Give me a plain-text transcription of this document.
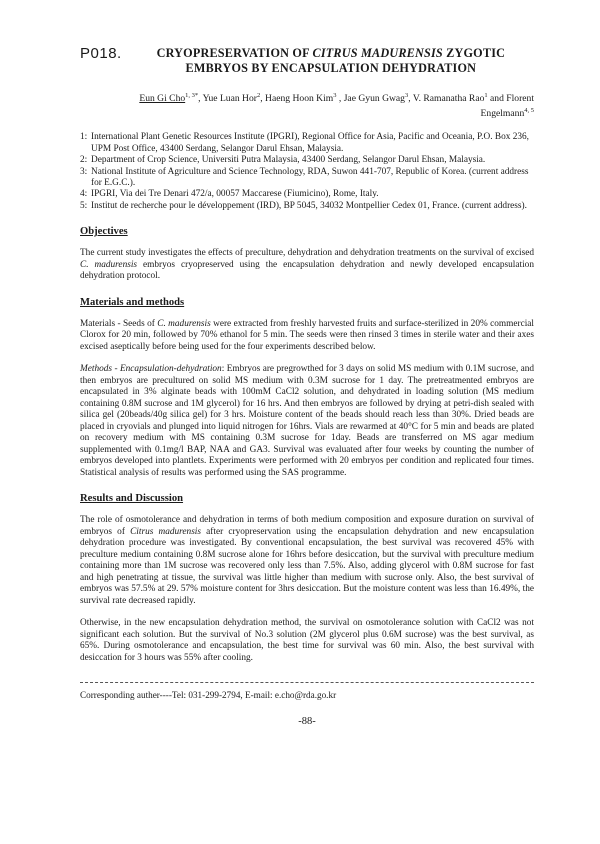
P018.	CRYOPRESERVATION OF CITRUS MADURENSIS ZYGOTIC EMBRYOS BY ENCAPSULATION DEHYDRATION
Eun Gi Cho$^{1, 3*}$, Yue Luan Hor$^2$, Haeng Hoon Kim$^3$ , Jae Gyun Gwag$^3$, V. Ramanatha Rao$^1$ and Florent Engelmann$^{4, 5}$
1: International Plant Genetic Resources Institute (IPGRI), Regional Office for Asia, Pacific and Oceania, P.O. Box 236, UPM Post Office, 43400 Serdang, Selangor Darul Ehsan, Malaysia.
2: Department of Crop Science, Universiti Putra Malaysia, 43400 Serdang, Selangor Darul Ehsan, Malaysia.
3: National Institute of Agriculture and Science Technology, RDA, Suwon 441-707, Republic of Korea. (current address for E.G.C.).
4: IPGRI, Via dei Tre Denari 472/a, 00057 Maccarese (Fiumicino), Rome, Italy.
5: Institut de recherche pour le développement (IRD), BP 5045, 34032 Montpellier Cedex 01, France. (current address).
Objectives

The current study investigates the effects of preculture, dehydration and dehydration treatments on the survival of excised C. madurensis embryos cryopreserved using the encapsulation dehydration and newly developed encapsulation dehydration protocol.

Materials and methods

Materials - Seeds of C. madurensis were extracted from freshly harvested fruits and surface-sterilized in 20% commercial Clorox for 20 min, followed by 70% ethanol for 5 min. The seeds were then rinsed 3 times in sterile water and their axes excised aseptically before being used for the four experiments described below.

Methods - Encapsulation-dehydration: Embryos are pregrowthed for 3 days on solid MS medium with 0.1M sucrose, and then embryos are precultured on solid MS medium with 0.3M sucrose for 1 day. The pretreatmented embryos are encapsulated in 3% alginate beads with 100mM CaCl2 solution, and dehydrated in loading solution (MS medium containing 0.8M sucrose and 1M glycerol) for 16 hrs. And then embryos are followed by drying at petri-dish sealed with silica gel (20beads/40g silica gel) for 3 hrs. Moisture content of the beads should reach less than 30%. Dried beads are placed in cryovials and plunged into liquid nitrogen for 16hrs. Vials are rewarmed at 40°C for 5 min and beads are plated on recovery medium with MS containing 0.3M sucrose for 1day. Beads are transferred on MS agar medium supplemented with 0.1mg/l BAP, NAA and GA3. Survival was evaluated after four weeks by counting the number of embryos developed into plantlets. Experiments were performed with 20 embryos per condition and replicated four times. Statistical analysis of results was performed using the SAS programme.

Results and Discussion

The role of osmotolerance and dehydration in terms of both medium composition and exposure duration on survival of embryos of Citrus madurensis after cryopreservation using the encapsulation dehydration and new encapsulation dehydration procedure was investigated. By conventional encapsulation, the best survival was recovered 45% with preculture medium containing 0.8M sucrose alone for 16hrs before desiccation, but the survival with preculture medium containing more than 1M sucrose was recovered only less than 7.5%. Also, adding glycerol with 0.8M sucrose for fast and high penetrating at tissue, the survival was little higher than medium with sucrose only. Also, the best survival of embryos was 57.5% at 29. 57% moisture content for 3hrs desiccation. But the moisture content was less than 16.49%, the survival rate decreased rapidly.

Otherwise, in the new encapsulation dehydration method, the survival on osmotolerance solution with CaCl2 was not significant each solution. But the survival of No.3 solution (2M glycerol plus 0.6M sucrose) was the best survival, as 65%. During osmotolerance and encapsulation, the best time for survival was 60 min. Also, the best survival with desiccation for 3 hours was 55% after cooling.

Corresponding auther----Tel: 031-299-2794, E-mail: e.cho@rda.go.kr
-88-
